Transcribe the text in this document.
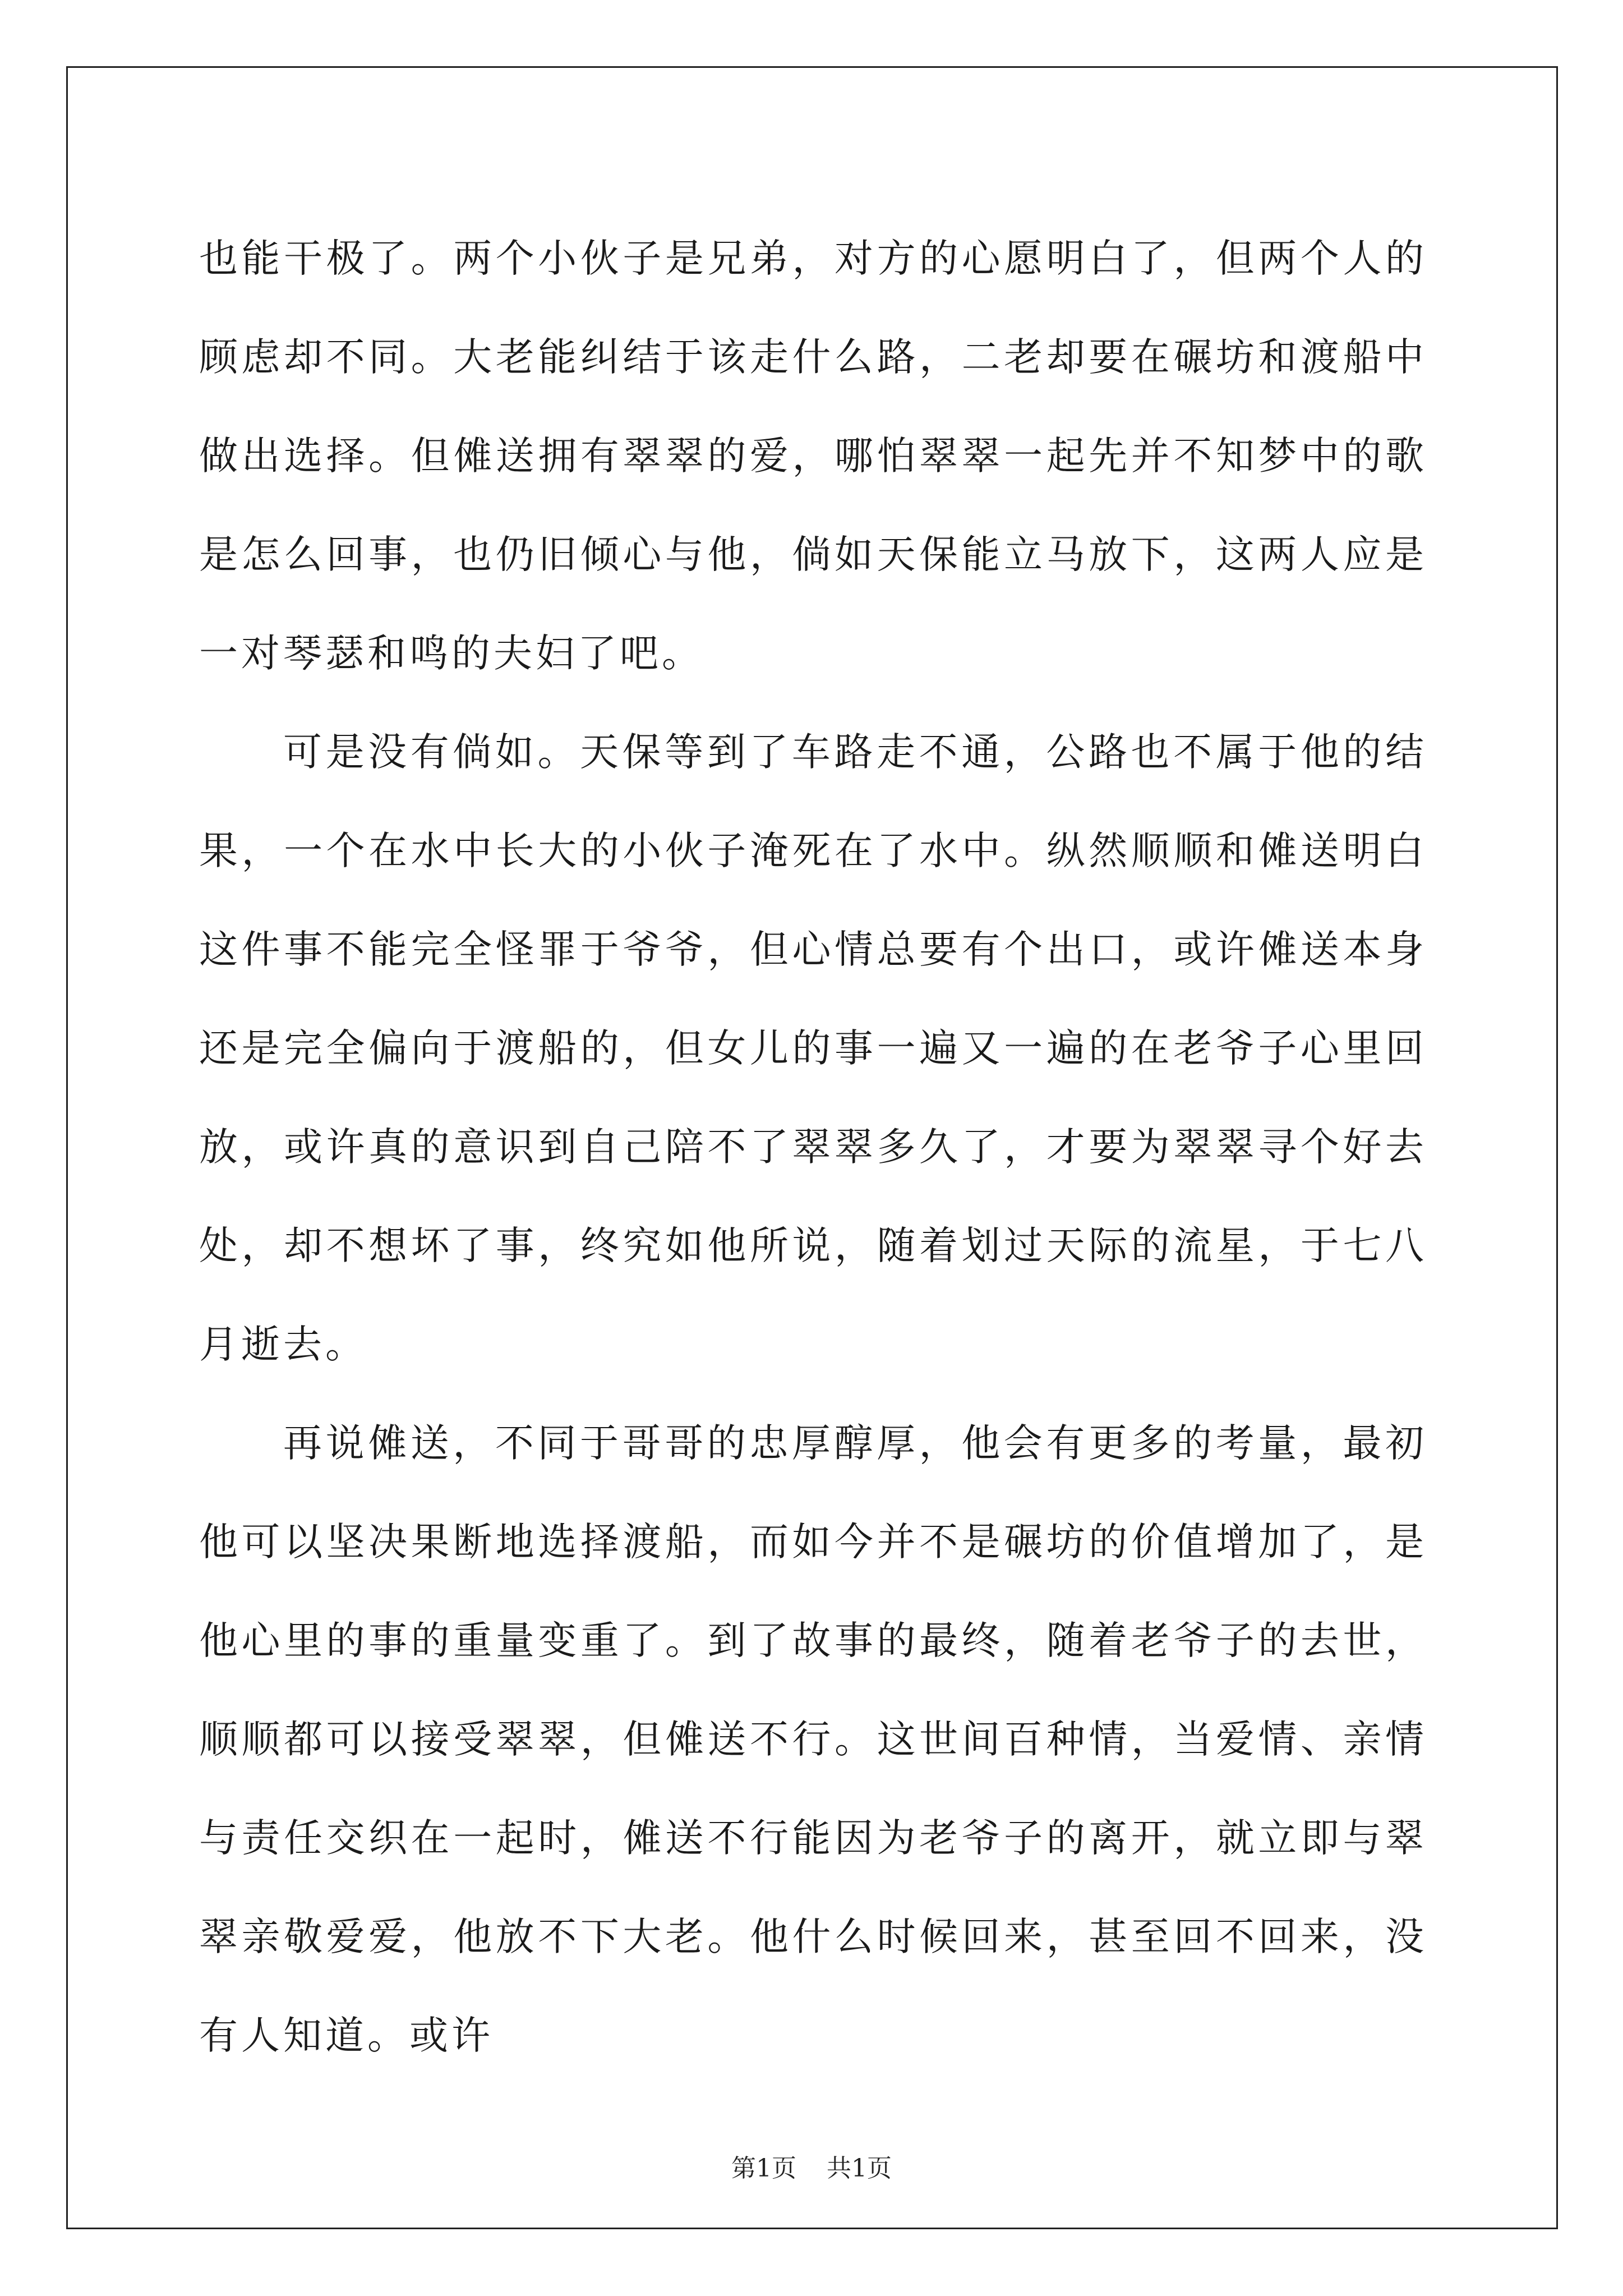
也能干极了。两个小伙子是兄弟，对方的心愿明白了，但两个人的顾虑却不同。大老能纠结于该走什么路，二老却要在碾坊和渡船中做出选择。但傩送拥有翠翠的爱，哪怕翠翠一起先并不知梦中的歌是怎么回事，也仍旧倾心与他，倘如天保能立马放下，这两人应是一对琴瑟和鸣的夫妇了吧。

可是没有倘如。天保等到了车路走不通，公路也不属于他的结果，一个在水中长大的小伙子淹死在了水中。纵然顺顺和傩送明白这件事不能完全怪罪于爷爷，但心情总要有个出口，或许傩送本身还是完全偏向于渡船的，但女儿的事一遍又一遍的在老爷子心里回放，或许真的意识到自己陪不了翠翠多久了，才要为翠翠寻个好去处，却不想坏了事，终究如他所说，随着划过天际的流星，于七八月逝去。

再说傩送，不同于哥哥的忠厚醇厚，他会有更多的考量，最初他可以坚决果断地选择渡船，而如今并不是碾坊的价值增加了，是他心里的事的重量变重了。到了故事的最终，随着老爷子的去世，顺顺都可以接受翠翠，但傩送不行。这世间百种情，当爱情、亲情与责任交织在一起时，傩送不行能因为老爷子的离开，就立即与翠翠亲敬爱爱，他放不下大老。他什么时候回来，甚至回不回来，没有人知道。或许

第1页 共1页
